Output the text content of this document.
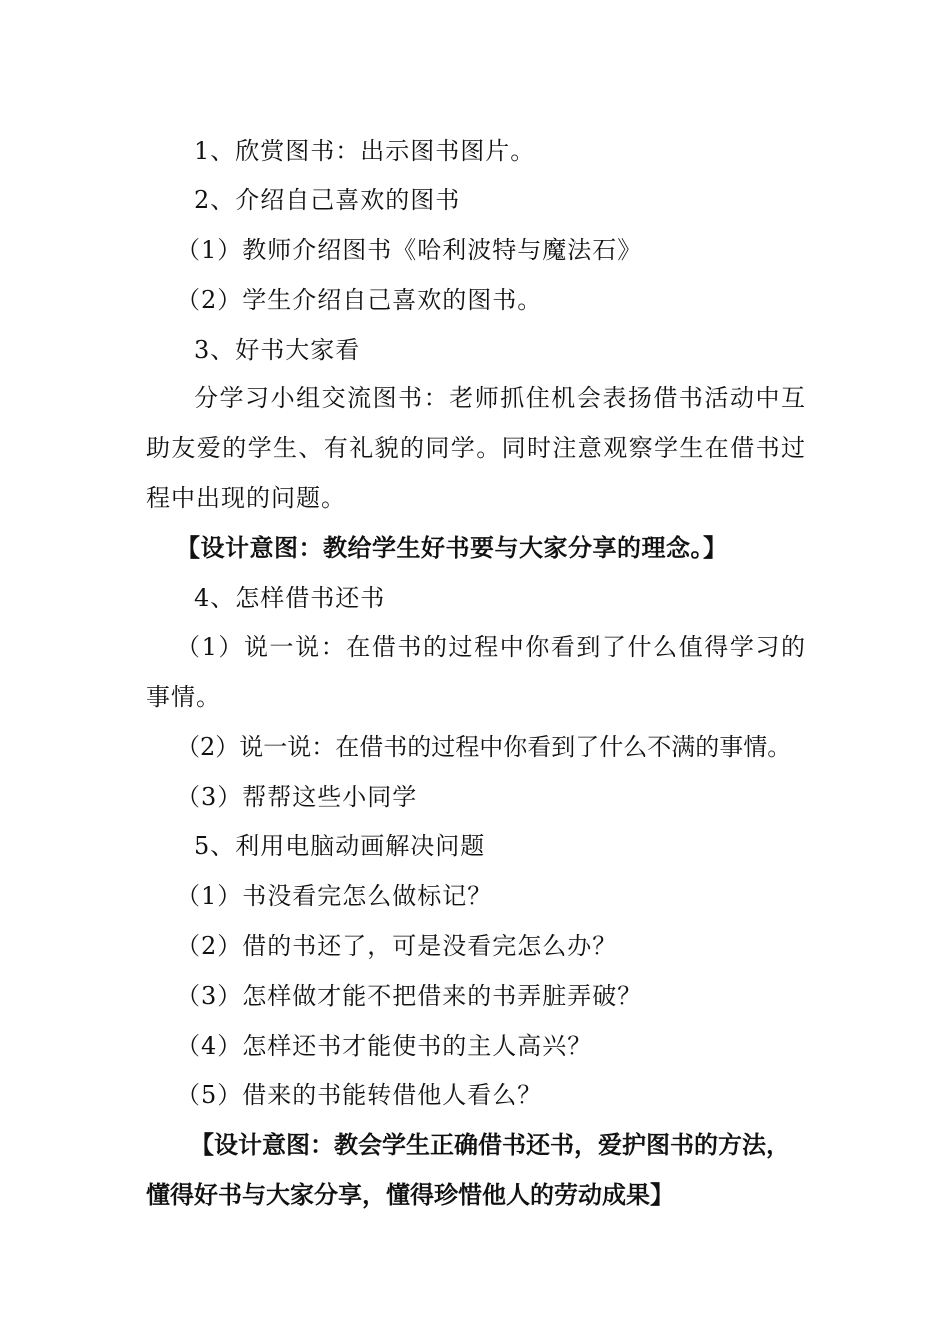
1、欣赏图书：出示图书图片。
2、介绍自己喜欢的图书
（1）教师介绍图书《哈利波特与魔法石》
（2）学生介绍自己喜欢的图书。
3、好书大家看
分学习小组交流图书：老师抓住机会表扬借书活动中互
助友爱的学生、有礼貌的同学。同时注意观察学生在借书过
程中出现的问题。
【设计意图：教给学生好书要与大家分享的理念。】
4、怎样借书还书
（1）说一说：在借书的过程中你看到了什么值得学习的
事情。
（2）说一说：在借书的过程中你看到了什么不满的事情。
（3）帮帮这些小同学
5、利用电脑动画解决问题
（1）书没看完怎么做标记？
（2）借的书还了，可是没看完怎么办？
（3）怎样做才能不把借来的书弄脏弄破？
（4）怎样还书才能使书的主人高兴？
（5）借来的书能转借他人看么？
【设计意图：教会学生正确借书还书，爱护图书的方法，
懂得好书与大家分享，懂得珍惜他人的劳动成果】
